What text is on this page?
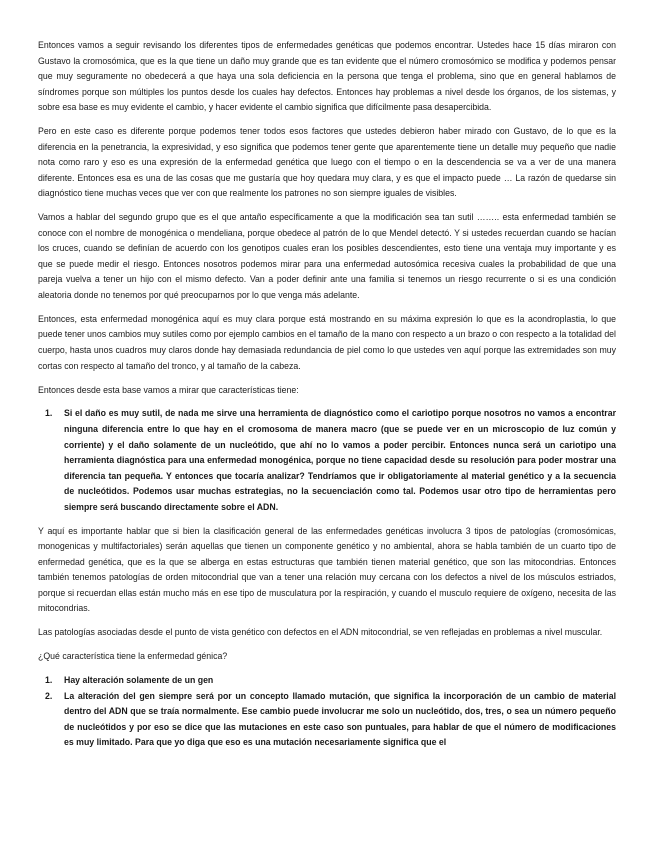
Entonces vamos a seguir revisando los diferentes tipos de enfermedades genéticas que podemos encontrar. Ustedes hace 15 días miraron con Gustavo la cromosómica, que es la que tiene un daño muy grande que es tan evidente que el número cromosómico se modifica y podemos pensar que muy seguramente no obedecerá a que haya una sola deficiencia en la persona que tenga el problema, sino que en general hablamos de síndromes porque son múltiples los puntos desde los cuales hay defectos. Entonces hay problemas a nivel desde los órganos, de los sistemas, y sobre esa base es muy evidente el cambio, y hacer evidente el cambio significa que difícilmente pasa desapercibida.

Pero en este caso es diferente porque podemos tener todos esos factores que ustedes debieron haber mirado con Gustavo, de lo que es la diferencia en la penetrancia, la expresividad, y eso significa que podemos tener gente que aparentemente tiene un detalle muy pequeño que nadie nota como raro y eso es una expresión de la enfermedad genética que luego con el tiempo o en la descendencia se va a ver de una manera diferente. Entonces esa es una de las cosas que me gustaría que hoy quedara muy clara, y es que el impacto puede … La razón de quedarse sin diagnóstico tiene muchas veces que ver con que realmente los patrones no son siempre iguales de visibles.

Vamos a hablar del segundo grupo que es el que antaño específicamente a que la modificación sea tan sutil …….. esta enfermedad también se conoce con el nombre de monogénica o mendeliana, porque obedece al patrón de lo que Mendel detectó. Y si ustedes recuerdan cuando se hacían los cruces, cuando se definían de acuerdo con los genotipos cuales eran los posibles descendientes, esto tiene una ventaja muy importante y es que se puede medir el riesgo. Entonces nosotros podemos mirar para una enfermedad autosómica recesiva cuales la probabilidad de que una pareja vuelva a tener un hijo con el mismo defecto. Van a poder definir ante una familia si tenemos un riesgo recurrente o si es una condición aleatoria donde no tenemos por qué preocuparnos por lo que venga más adelante.

Entonces, esta enfermedad monogénica aquí es muy clara porque está mostrando en su máxima expresión lo que es la acondroplastia, lo que puede tener unos cambios muy sutiles como por ejemplo cambios en el tamaño de la mano con respecto a un brazo o con respecto a la totalidad del cuerpo, hasta unos cuadros muy claros donde hay demasiada redundancia de piel como lo que ustedes ven aquí porque las extremidades son muy cortas con respecto al tamaño del tronco, y al tamaño de la cabeza.

Entonces desde esta base vamos a mirar que características tiene:

1. Si el daño es muy sutil, de nada me sirve una herramienta de diagnóstico como el cariotipo porque nosotros no vamos a encontrar ninguna diferencia entre lo que hay en el cromosoma de manera macro (que se puede ver en un microscopio de luz común y corriente) y el daño solamente de un nucleótido, que ahí no lo vamos a poder percibir. Entonces nunca será un cariotipo una herramienta diagnóstica para una enfermedad monogénica, porque no tiene capacidad desde su resolución para poder mostrar una diferencia tan pequeña. Y entonces que tocaría analizar? Tendríamos que ir obligatoriamente al material genético y a la secuencia de nucleótidos. Podemos usar muchas estrategias, no la secuenciación como tal. Podemos usar otro tipo de herramientas pero siempre será buscando directamente sobre el ADN.

Y aquí es importante hablar que si bien la clasificación general de las enfermedades genéticas involucra 3 tipos de patologías (cromosómicas, monogenicas y multifactoriales) serán aquellas que tienen un componente genético y no ambiental, ahora se habla también de un cuarto tipo de enfermedad genética, que es la que se alberga en estas estructuras que también tienen material genético, que son las mitocondrias. Entonces también tenemos patologías de orden mitocondrial que van a tener una relación muy cercana con los defectos a nivel de los músculos estriados, porque si recuerdan ellas están mucho más en ese tipo de musculatura por la respiración, y cuando el musculo requiere de oxígeno, necesita de las mitocondrias.

Las patologías asociadas desde el punto de vista genético con defectos en el ADN mitocondrial, se ven reflejadas en problemas a nivel muscular.

¿Qué característica tiene la enfermedad génica?

1. Hay alteración solamente de un gen
2. La alteración del gen siempre será por un concepto llamado mutación, que significa la incorporación de un cambio de material dentro del ADN que se traía normalmente. Ese cambio puede involucrar me solo un nucleótido, dos, tres, o sea un número pequeño de nucleótidos y por eso se dice que las mutaciones en este caso son puntuales, para hablar de que el número de modificaciones es muy limitado. Para que yo diga que eso es una mutación necesariamente significa que el
